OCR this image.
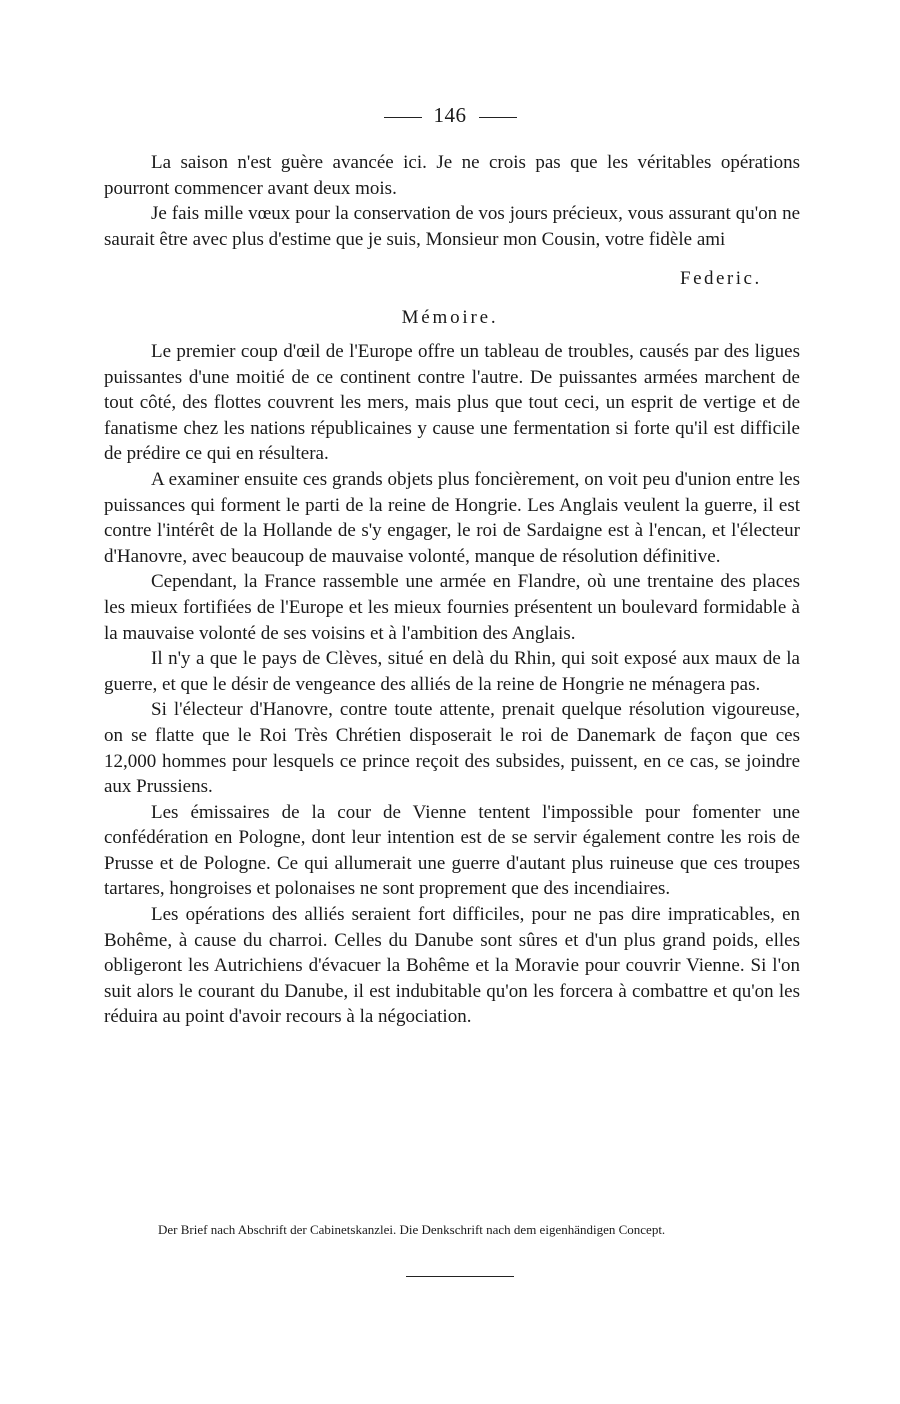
146

La saison n'est guère avancée ici. Je ne crois pas que les véritables opérations pourront commencer avant deux mois.

Je fais mille vœux pour la conservation de vos jours précieux, vous assurant qu'on ne saurait être avec plus d'estime que je suis, Monsieur mon Cousin, votre fidèle ami

Federic.
Mémoire.

Le premier coup d'œil de l'Europe offre un tableau de troubles, causés par des ligues puissantes d'une moitié de ce continent contre l'autre. De puissantes armées marchent de tout côté, des flottes couvrent les mers, mais plus que tout ceci, un esprit de vertige et de fanatisme chez les nations républicaines y cause une fermentation si forte qu'il est difficile de prédire ce qui en résultera.

A examiner ensuite ces grands objets plus foncièrement, on voit peu d'union entre les puissances qui forment le parti de la reine de Hongrie. Les Anglais veulent la guerre, il est contre l'intérêt de la Hollande de s'y engager, le roi de Sardaigne est à l'encan, et l'électeur d'Hanovre, avec beaucoup de mauvaise volonté, manque de résolution définitive.

Cependant, la France rassemble une armée en Flandre, où une trentaine des places les mieux fortifiées de l'Europe et les mieux fournies présentent un boulevard formidable à la mauvaise volonté de ses voisins et à l'ambition des Anglais.

Il n'y a que le pays de Clèves, situé en delà du Rhin, qui soit exposé aux maux de la guerre, et que le désir de vengeance des alliés de la reine de Hongrie ne ménagera pas.

Si l'électeur d'Hanovre, contre toute attente, prenait quelque résolution vigoureuse, on se flatte que le Roi Très Chrétien disposerait le roi de Danemark de façon que ces 12,000 hommes pour lesquels ce prince reçoit des subsides, puissent, en ce cas, se joindre aux Prussiens.

Les émissaires de la cour de Vienne tentent l'impossible pour fomenter une confédération en Pologne, dont leur intention est de se servir également contre les rois de Prusse et de Pologne. Ce qui allumerait une guerre d'autant plus ruineuse que ces troupes tartares, hongroises et polonaises ne sont proprement que des incendiaires.

Les opérations des alliés seraient fort difficiles, pour ne pas dire impraticables, en Bohême, à cause du charroi. Celles du Danube sont sûres et d'un plus grand poids, elles obligeront les Autrichiens d'évacuer la Bohême et la Moravie pour couvrir Vienne. Si l'on suit alors le courant du Danube, il est indubitable qu'on les forcera à combattre et qu'on les réduira au point d'avoir recours à la négociation.

Der Brief nach Abschrift der Cabinetskanzlei. Die Denkschrift nach dem eigenhändigen Concept.
